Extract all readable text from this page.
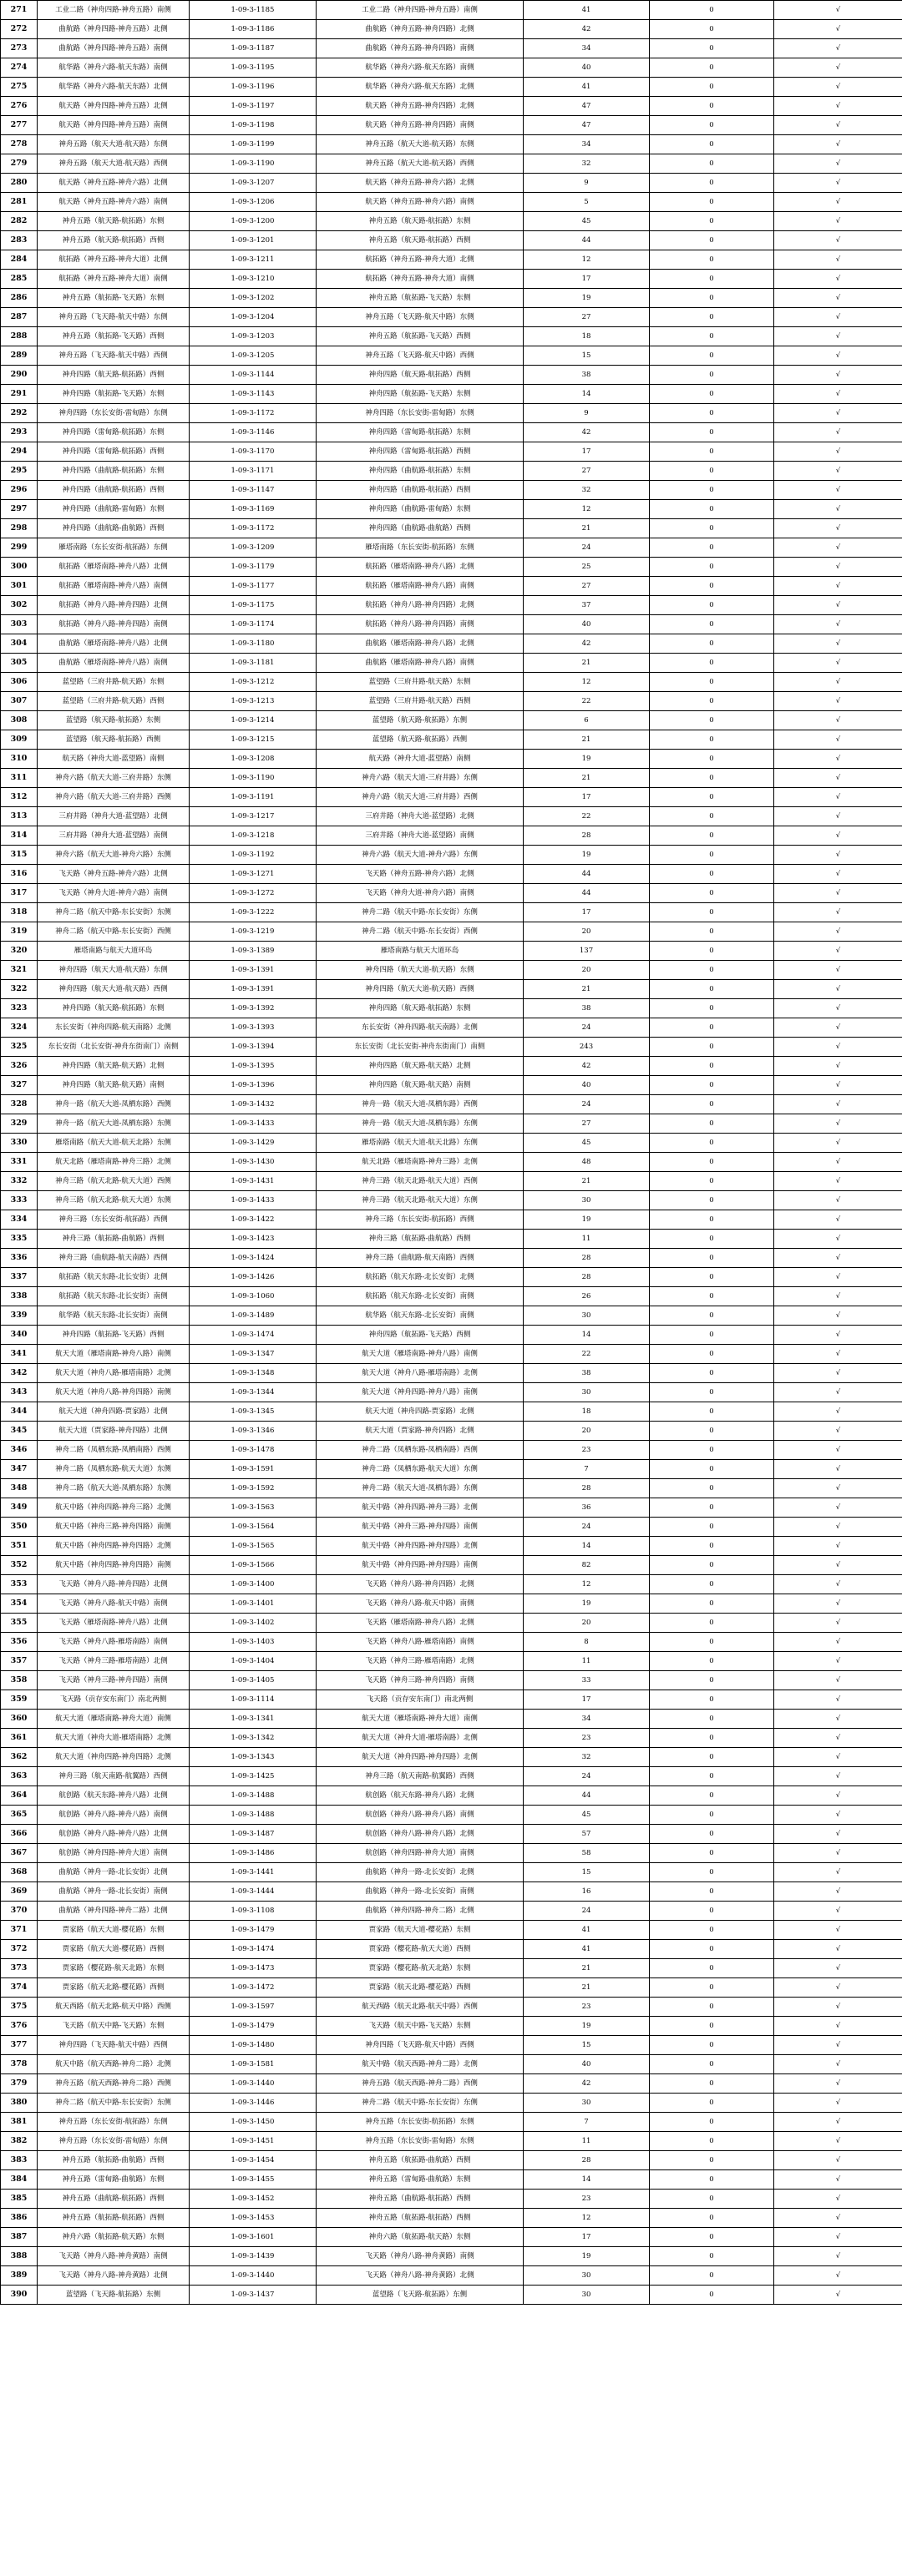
271	工业二路（神舟四路-神舟五路）南侧	1-09-3-1185	工业二路（神舟四路-神舟五路）南侧	41	0	√
272	曲航路（神舟四路-神舟五路）北侧	1-09-3-1186	曲航路（神舟五路-神舟四路）北侧	42	0	√
273	曲航路（神舟四路-神舟五路）南侧	1-09-3-1187	曲航路（神舟五路-神舟四路）南侧	34	0	√
274	航华路（神舟六路-航天东路）南侧	1-09-3-1195	航华路（神舟六路-航天东路）南侧	40	0	√
275	航华路（神舟六路-航天东路）北侧	1-09-3-1196	航华路（神舟六路-航天东路）北侧	41	0	√
276	航天路（神舟四路-神舟五路）北侧	1-09-3-1197	航天路（神舟五路-神舟四路）北侧	47	0	√
277	航天路（神舟四路-神舟五路）南侧	1-09-3-1198	航天路（神舟五路-神舟四路）南侧	47	0	√
278	神舟五路（航天大道-航天路）东侧	1-09-3-1199	神舟五路（航天大道-航天路）东侧	34	0	√
279	神舟五路（航天大道-航天路）西侧	1-09-3-1190	神舟五路（航天大道-航天路）西侧	32	0	√
280	航天路（神舟五路-神舟六路）北侧	1-09-3-1207	航天路（神舟五路-神舟六路）北侧	9	0	√
281	航天路（神舟五路-神舟六路）南侧	1-09-3-1206	航天路（神舟五路-神舟六路）南侧	5	0	√
282	神舟五路（航天路-航拓路）东侧	1-09-3-1200	神舟五路（航天路-航拓路）东侧	45	0	√
283	神舟五路（航天路-航拓路）西侧	1-09-3-1201	神舟五路（航天路-航拓路）西侧	44	0	√
284	航拓路（神舟五路-神舟大道）北侧	1-09-3-1211	航拓路（神舟五路-神舟大道）北侧	12	0	√
285	航拓路（神舟五路-神舟大道）南侧	1-09-3-1210	航拓路（神舟五路-神舟大道）南侧	17	0	√
286	神舟五路（航拓路-飞天路）东侧	1-09-3-1202	神舟五路（航拓路-飞天路）东侧	19	0	√
287	神舟五路（飞天路-航天中路）东侧	1-09-3-1204	神舟五路（飞天路-航天中路）东侧	27	0	√
288	神舟五路（航拓路-飞天路）西侧	1-09-3-1203	神舟五路（航拓路-飞天路）西侧	18	0	√
289	神舟五路（飞天路-航天中路）西侧	1-09-3-1205	神舟五路（飞天路-航天中路）西侧	15	0	√
290	神舟四路（航天路-航拓路）西侧	1-09-3-1144	神舟四路（航天路-航拓路）西侧	38	0	√
291	神舟四路（航拓路-飞天路）东侧	1-09-3-1143	神舟四路（航拓路-飞天路）东侧	14	0	√
292	神舟四路（东长安街-雷甸路）东侧	1-09-3-1172	神舟四路（东长安街-雷甸路）东侧	9	0	√
293	神舟四路（雷甸路-航拓路）东侧	1-09-3-1146	神舟四路（雷甸路-航拓路）东侧	42	0	√
294	神舟四路（雷甸路-航拓路）西侧	1-09-3-1170	神舟四路（雷甸路-航拓路）西侧	17	0	√
295	神舟四路（曲航路-航拓路）东侧	1-09-3-1171	神舟四路（曲航路-航拓路）东侧	27	0	√
296	神舟四路（曲航路-航拓路）西侧	1-09-3-1147	神舟四路（曲航路-航拓路）西侧	32	0	√
297	神舟四路（曲航路-雷甸路）东侧	1-09-3-1169	神舟四路（曲航路-雷甸路）东侧	12	0	√
298	神舟四路（曲航路-曲航路）西侧	1-09-3-1172	神舟四路（曲航路-曲航路）西侧	21	0	√
299	雁塔南路（东长安街-航拓路）东侧	1-09-3-1209	雁塔南路（东长安街-航拓路）东侧	24	0	√
300	航拓路（雁塔南路-神舟八路）北侧	1-09-3-1179	航拓路（雁塔南路-神舟八路）北侧	25	0	√
301	航拓路（雁塔南路-神舟八路）南侧	1-09-3-1177	航拓路（雁塔南路-神舟八路）南侧	27	0	√
302	航拓路（神舟八路-神舟四路）北侧	1-09-3-1175	航拓路（神舟八路-神舟四路）北侧	37	0	√
303	航拓路（神舟八路-神舟四路）南侧	1-09-3-1174	航拓路（神舟八路-神舟四路）南侧	40	0	√
304	曲航路（雁塔南路-神舟八路）北侧	1-09-3-1180	曲航路（雁塔南路-神舟八路）北侧	42	0	√
305	曲航路（雁塔南路-神舟八路）南侧	1-09-3-1181	曲航路（雁塔南路-神舟八路）南侧	21	0	√
306	蓝望路（三府井路-航天路）东侧	1-09-3-1212	蓝望路（三府井路-航天路）东侧	12	0	√
307	蓝望路（三府井路-航天路）西侧	1-09-3-1213	蓝望路（三府井路-航天路）西侧	22	0	√
308	蓝望路（航天路-航拓路）东侧	1-09-3-1214	蓝望路（航天路-航拓路）东侧	6	0	√
309	蓝望路（航天路-航拓路）西侧	1-09-3-1215	蓝望路（航天路-航拓路）西侧	21	0	√
310	航天路（神舟大道-蓝望路）南侧	1-09-3-1208	航天路（神舟大道-蓝望路）南侧	19	0	√
311	神舟六路（航天大道-三府井路）东侧	1-09-3-1190	神舟六路（航天大道-三府井路）东侧	21	0	√
312	神舟六路（航天大道-三府井路）西侧	1-09-3-1191	神舟六路（航天大道-三府井路）西侧	17	0	√
313	三府井路（神舟大道-蓝望路）北侧	1-09-3-1217	三府井路（神舟大道-蓝望路）北侧	22	0	√
314	三府井路（神舟大道-蓝望路）南侧	1-09-3-1218	三府井路（神舟大道-蓝望路）南侧	28	0	√
315	神舟六路（航天大道-神舟六路）东侧	1-09-3-1192	神舟六路（航天大道-神舟六路）东侧	19	0	√
316	飞天路（神舟五路-神舟六路）北侧	1-09-3-1271	飞天路（神舟五路-神舟六路）北侧	44	0	√
317	飞天路（神舟大道-神舟六路）南侧	1-09-3-1272	飞天路（神舟大道-神舟六路）南侧	44	0	√
318	神舟二路（航天中路-东长安街）东侧	1-09-3-1222	神舟二路（航天中路-东长安街）东侧	17	0	√
319	神舟二路（航天中路-东长安街）西侧	1-09-3-1219	神舟二路（航天中路-东长安街）西侧	20	0	√
320	雁塔南路与航天大道环岛	1-09-3-1389	雁塔南路与航天大道环岛	137	0	√
321	神舟四路（航天大道-航天路）东侧	1-09-3-1391	神舟四路（航天大道-航天路）东侧	20	0	√
322	神舟四路（航天大道-航天路）西侧	1-09-3-1391	神舟四路（航天大道-航天路）西侧	21	0	√
323	神舟四路（航天路-航拓路）东侧	1-09-3-1392	神舟四路（航天路-航拓路）东侧	38	0	√
324	东长安街（神舟四路-航天南路）北侧	1-09-3-1393	东长安街（神舟四路-航天南路）北侧	24	0	√
325	东长安街（北长安街-神舟东街南门）南侧	1-09-3-1394	东长安街（北长安街-神舟东街南门）南侧	243	0	√
326	神舟四路（航天路-航天路）北侧	1-09-3-1395	神舟四路（航天路-航天路）北侧	42	0	√
327	神舟四路（航天路-航天路）南侧	1-09-3-1396	神舟四路（航天路-航天路）南侧	40	0	√
328	神舟一路（航天大道-凤栖东路）西侧	1-09-3-1432	神舟一路（航天大道-凤栖东路）西侧	24	0	√
329	神舟一路（航天大道-凤栖东路）东侧	1-09-3-1433	神舟一路（航天大道-凤栖东路）东侧	27	0	√
330	雁塔南路（航天大道-航天北路）东侧	1-09-3-1429	雁塔南路（航天大道-航天北路）东侧	45	0	√
331	航天北路（雁塔南路-神舟三路）北侧	1-09-3-1430	航天北路（雁塔南路-神舟三路）北侧	48	0	√
332	神舟三路（航天北路-航天大道）西侧	1-09-3-1431	神舟三路（航天北路-航天大道）西侧	21	0	√
333	神舟三路（航天北路-航天大道）东侧	1-09-3-1433	神舟三路（航天北路-航天大道）东侧	30	0	√
334	神舟三路（东长安街-航拓路）西侧	1-09-3-1422	神舟三路（东长安街-航拓路）西侧	19	0	√
335	神舟三路（航拓路-曲航路）西侧	1-09-3-1423	神舟三路（航拓路-曲航路）西侧	11	0	√
336	神舟三路（曲航路-航天南路）西侧	1-09-3-1424	神舟三路（曲航路-航天南路）西侧	28	0	√
337	航拓路（航天东路-北长安街）北侧	1-09-3-1426	航拓路（航天东路-北长安街）北侧	28	0	√
338	航拓路（航天东路-北长安街）南侧	1-09-3-1060	航拓路（航天东路-北长安街）南侧	26	0	√
339	航华路（航天东路-北长安街）南侧	1-09-3-1489	航华路（航天东路-北长安街）南侧	30	0	√
340	神舟四路（航拓路-飞天路）西侧	1-09-3-1474	神舟四路（航拓路-飞天路）西侧	14	0	√
341	航天大道（雁塔南路-神舟八路）南侧	1-09-3-1347	航天大道（雁塔南路-神舟八路）南侧	22	0	√
342	航天大道（神舟八路-雁塔南路）北侧	1-09-3-1348	航天大道（神舟八路-雁塔南路）北侧	38	0	√
343	航天大道（神舟八路-神舟四路）南侧	1-09-3-1344	航天大道（神舟四路-神舟八路）南侧	30	0	√
344	航天大道（神舟四路-贾家路）北侧	1-09-3-1345	航天大道（神舟四路-贾家路）北侧	18	0	√
345	航天大道（贾家路-神舟四路）北侧	1-09-3-1346	航天大道（贾家路-神舟四路）北侧	20	0	√
346	神舟二路（凤栖东路-凤栖南路）西侧	1-09-3-1478	神舟二路（凤栖东路-凤栖南路）西侧	23	0	√
347	神舟二路（凤栖东路-航天大道）东侧	1-09-3-1591	神舟二路（凤栖东路-航天大道）东侧	7	0	√
348	神舟二路（航天大道-凤栖东路）东侧	1-09-3-1592	神舟二路（航天大道-凤栖东路）东侧	28	0	√
349	航天中路（神舟四路-神舟三路）北侧	1-09-3-1563	航天中路（神舟四路-神舟三路）北侧	36	0	√
350	航天中路（神舟三路-神舟四路）南侧	1-09-3-1564	航天中路（神舟三路-神舟四路）南侧	24	0	√
351	航天中路（神舟四路-神舟四路）北侧	1-09-3-1565	航天中路（神舟四路-神舟四路）北侧	14	0	√
352	航天中路（神舟四路-神舟四路）南侧	1-09-3-1566	航天中路（神舟四路-神舟四路）南侧	82	0	√
353	飞天路（神舟八路-神舟四路）北侧	1-09-3-1400	飞天路（神舟八路-神舟四路）北侧	12	0	√
354	飞天路（神舟八路-航天中路）南侧	1-09-3-1401	飞天路（神舟八路-航天中路）南侧	19	0	√
355	飞天路（雁塔南路-神舟八路）北侧	1-09-3-1402	飞天路（雁塔南路-神舟八路）北侧	20	0	√
356	飞天路（神舟八路-雁塔南路）南侧	1-09-3-1403	飞天路（神舟八路-雁塔南路）南侧	8	0	√
357	飞天路（神舟三路-雁塔南路）北侧	1-09-3-1404	飞天路（神舟三路-雁塔南路）北侧	11	0	√
358	飞天路（神舟三路-神舟四路）南侧	1-09-3-1405	飞天路（神舟三路-神舟四路）南侧	33	0	√
359	飞天路（贡存安东南门）南北两侧	1-09-3-1114	飞天路（贡存安东南门）南北两侧	17	0	√
360	航天大道（雁塔南路-神舟大道）南侧	1-09-3-1341	航天大道（雁塔南路-神舟大道）南侧	34	0	√
361	航天大道（神舟大道-雁塔南路）北侧	1-09-3-1342	航天大道（神舟大道-雁塔南路）北侧	23	0	√
362	航天大道（神舟四路-神舟四路）北侧	1-09-3-1343	航天大道（神舟四路-神舟四路）北侧	32	0	√
363	神舟三路（航天南路-航翼路）西侧	1-09-3-1425	神舟三路（航天南路-航翼路）西侧	24	0	√
364	航创路（航天东路-神舟八路）北侧	1-09-3-1488	航创路（航天东路-神舟八路）北侧	44	0	√
365	航创路（神舟八路-神舟八路）南侧	1-09-3-1488	航创路（神舟八路-神舟八路）南侧	45	0	√
366	航创路（神舟八路-神舟八路）北侧	1-09-3-1487	航创路（神舟八路-神舟八路）北侧	57	0	√
367	航创路（神舟四路-神舟大道）南侧	1-09-3-1486	航创路（神舟四路-神舟大道）南侧	58	0	√
368	曲航路（神舟一路-北长安街）北侧	1-09-3-1441	曲航路（神舟一路-北长安街）北侧	15	0	√
369	曲航路（神舟一路-北长安街）南侧	1-09-3-1444	曲航路（神舟一路-北长安街）南侧	16	0	√
370	曲航路（神舟四路-神舟二路）北侧	1-09-3-1108	曲航路（神舟四路-神舟二路）北侧	24	0	√
371	贾家路（航天大道-樱花路）东侧	1-09-3-1479	贾家路（航天大道-樱花路）东侧	41	0	√
372	贾家路（航天大道-樱花路）西侧	1-09-3-1474	贾家路（樱花路-航天大道）西侧	41	0	√
373	贾家路（樱花路-航天北路）东侧	1-09-3-1473	贾家路（樱花路-航天北路）东侧	21	0	√
374	贾家路（航天北路-樱花路）西侧	1-09-3-1472	贾家路（航天北路-樱花路）西侧	21	0	√
375	航天西路（航天北路-航天中路）西侧	1-09-3-1597	航天西路（航天北路-航天中路）西侧	23	0	√
376	飞天路（航天中路-飞天路）东侧	1-09-3-1479	飞天路（航天中路-飞天路）东侧	19	0	√
377	神舟四路（飞天路-航天中路）西侧	1-09-3-1480	神舟四路（飞天路-航天中路）西侧	15	0	√
378	航天中路（航天西路-神舟二路）北侧	1-09-3-1581	航天中路（航天西路-神舟二路）北侧	40	0	√
379	神舟五路（航天西路-神舟二路）西侧	1-09-3-1440	神舟五路（航天西路-神舟二路）西侧	42	0	√
380	神舟二路（航天中路-东长安街）东侧	1-09-3-1446	神舟二路（航天中路-东长安街）东侧	30	0	√
381	神舟五路（东长安街-航拓路）东侧	1-09-3-1450	神舟五路（东长安街-航拓路）东侧	7	0	√
382	神舟五路（东长安街-雷甸路）东侧	1-09-3-1451	神舟五路（东长安街-雷甸路）东侧	11	0	√
383	神舟五路（航拓路-曲航路）西侧	1-09-3-1454	神舟五路（航拓路-曲航路）西侧	28	0	√
384	神舟五路（雷甸路-曲航路）东侧	1-09-3-1455	神舟五路（雷甸路-曲航路）东侧	14	0	√
385	神舟五路（曲航路-航拓路）西侧	1-09-3-1452	神舟五路（曲航路-航拓路）西侧	23	0	√
386	神舟五路（航拓路-航拓路）西侧	1-09-3-1453	神舟五路（航拓路-航拓路）西侧	12	0	√
387	神舟六路（航拓路-航天路）东侧	1-09-3-1601	神舟六路（航拓路-航天路）东侧	17	0	√
388	飞天路（神舟八路-神舟黄路）南侧	1-09-3-1439	飞天路（神舟八路-神舟黄路）南侧	19	0	√
389	飞天路（神舟八路-神舟黄路）北侧	1-09-3-1440	飞天路（神舟八路-神舟黄路）北侧	30	0	√
390	蓝望路（飞天路-航拓路）东侧	1-09-3-1437	蓝望路（飞天路-航拓路）东侧	30	0	√
